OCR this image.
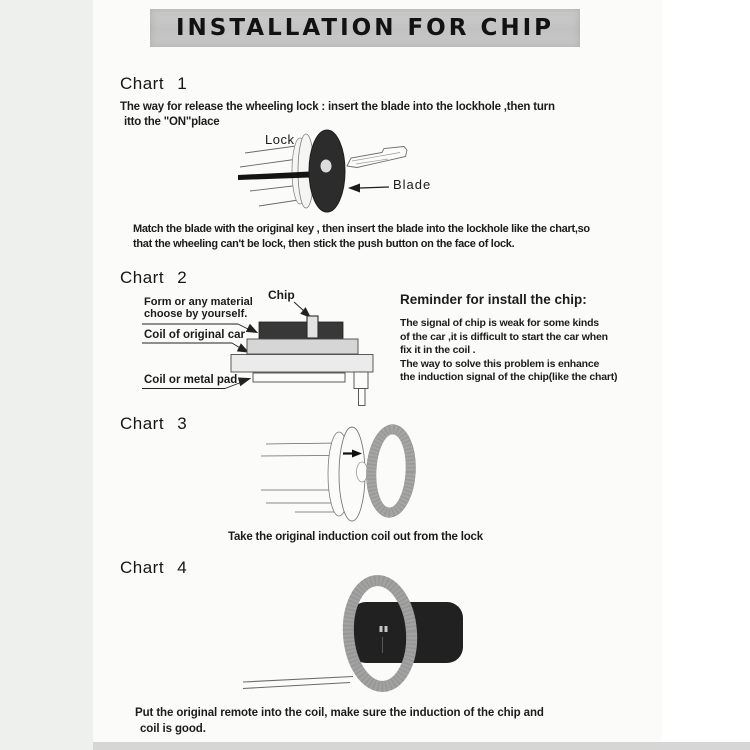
INSTALLATION FOR CHIP
Chart 1
The way for release the wheeling lock : insert the blade into the lockhole ,then turn
itto the "ON"place
Lock
Blade
Match the blade with the original key , then insert the blade into the lockhole like the chart,so
that the wheeling can't be lock, then stick the push button on the face of lock.
Chart 2
Chip
Form or any material
choose by yourself.
Coil of original car
Coil or metal pad
Reminder for install the chip:
The signal of chip is weak for some kinds
of the car ,it is difficult to start the car when
fix it in the coil .
The way to solve this problem is enhance
the induction signal of the chip(like the chart)
Chart 3
Take the original induction coil out from the lock
Chart 4
Put the original remote into the coil, make sure the induction of the chip and
coil is good.
